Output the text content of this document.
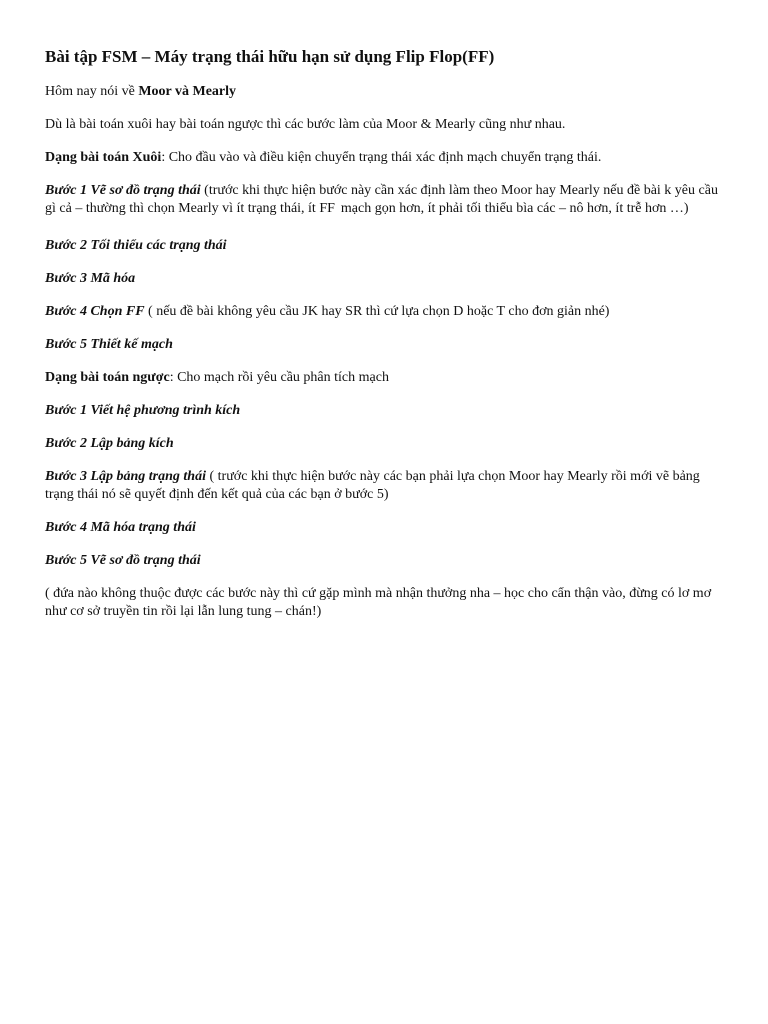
Bài tập FSM – Máy trạng thái hữu hạn sử dụng Flip Flop(FF)

Hôm nay nói về Moor và Mearly

Dù là bài toán xuôi hay bài toán ngược thì các bước làm của Moor & Mearly cũng như nhau.

Dạng bài toán Xuôi: Cho đầu vào và điều kiện chuyển trạng thái xác định mạch chuyển trạng thái.

Bước 1 Vẽ sơ đồ trạng thái (trước khi thực hiện bước này cần xác định làm theo Moor hay Mearly nếu đề bài k yêu cầu gì cả – thường thì chọn Mearly vì ít trạng thái, ít FF mạch gọn hơn, ít phải tối thiểu bìa các – nô hơn, ít trễ hơn …)

Bước 2 Tối thiểu các trạng thái

Bước 3 Mã hóa

Bước 4 Chọn FF ( nếu đề bài không yêu cầu JK hay SR thì cứ lựa chọn D hoặc T cho đơn giản nhé)

Bước 5 Thiết kế mạch

Dạng bài toán ngược: Cho mạch rồi yêu cầu phân tích mạch

Bước 1 Viết hệ phương trình kích

Bước 2 Lập bảng kích

Bước 3 Lập bảng trạng thái ( trước khi thực hiện bước này các bạn phải lựa chọn Moor hay Mearly rồi mới vẽ bảng trạng thái nó sẽ quyết định đến kết quả của các bạn ở bước 5)

Bước 4 Mã hóa trạng thái

Bước 5 Vẽ sơ đồ trạng thái

( đứa nào không thuộc được các bước này thì cứ gặp mình mà nhận thưởng nha – học cho cẩn thận vào, đừng có lơ mơ như cơ sở truyền tin rồi lại lẫn lung tung – chán!)
